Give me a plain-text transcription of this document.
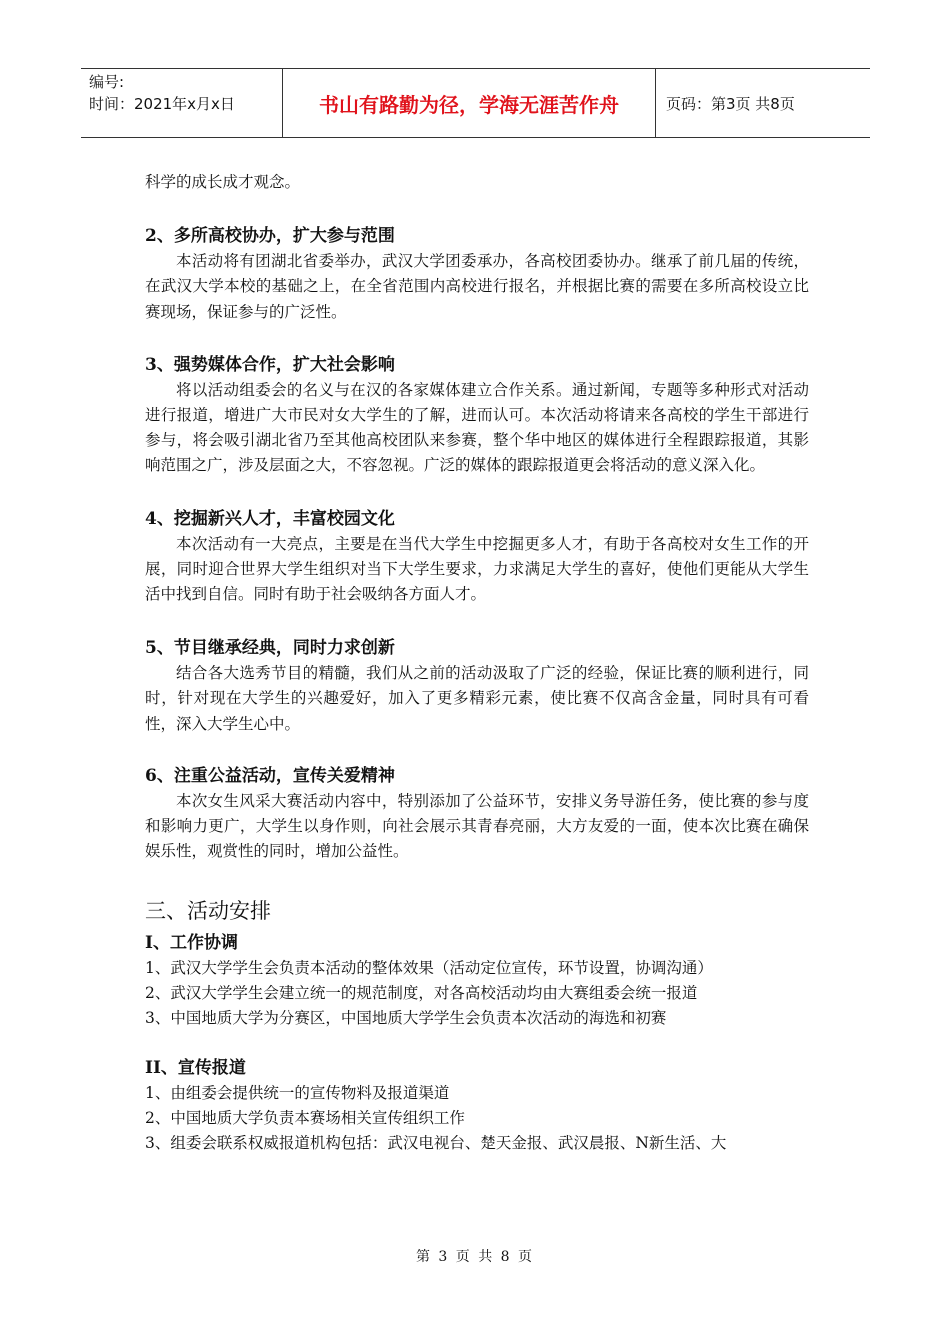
编号:
时间：2021年x月x日	书山有路勤为径，学海无涯苦作舟	页码：第3页 共8页

科学的成长成才观念。

2、多所高校协办，扩大参与范围

本活动将有团湖北省委举办，武汉大学团委承办，各高校团委协办。继承了前几届的传统，在武汉大学本校的基础之上，在全省范围内高校进行报名，并根据比赛的需要在多所高校设立比赛现场，保证参与的广泛性。

3、强势媒体合作，扩大社会影响

将以活动组委会的名义与在汉的各家媒体建立合作关系。通过新闻，专题等多种形式对活动进行报道，增进广大市民对女大学生的了解，进而认可。本次活动将请来各高校的学生干部进行参与，将会吸引湖北省乃至其他高校团队来参赛，整个华中地区的媒体进行全程跟踪报道，其影响范围之广，涉及层面之大，不容忽视。广泛的媒体的跟踪报道更会将活动的意义深入化。

4、挖掘新兴人才，丰富校园文化

本次活动有一大亮点，主要是在当代大学生中挖掘更多人才，有助于各高校对女生工作的开展，同时迎合世界大学生组织对当下大学生要求，力求满足大学生的喜好，使他们更能从大学生活中找到自信。同时有助于社会吸纳各方面人才。

5、节目继承经典，同时力求创新

结合各大选秀节目的精髓，我们从之前的活动汲取了广泛的经验，保证比赛的顺利进行，同时，针对现在大学生的兴趣爱好，加入了更多精彩元素，使比赛不仅高含金量，同时具有可看性，深入大学生心中。

6、注重公益活动，宣传关爱精神

本次女生风采大赛活动内容中，特别添加了公益环节，安排义务导游任务，使比赛的参与度和影响力更广，大学生以身作则，向社会展示其青春亮丽，大方友爱的一面，使本次比赛在确保娱乐性，观赏性的同时，增加公益性。

三、活动安排
I、工作协调

1、武汉大学学生会负责本活动的整体效果（活动定位宣传，环节设置，协调沟通）

2、武汉大学学生会建立统一的规范制度，对各高校活动均由大赛组委会统一报道

3、中国地质大学为分赛区，中国地质大学学生会负责本次活动的海选和初赛

II、宣传报道

1、由组委会提供统一的宣传物料及报道渠道

2、中国地质大学负责本赛场相关宣传组织工作

3、组委会联系权威报道机构包括：武汉电视台、楚天金报、武汉晨报、N新生活、大

第 3 页 共 8 页
